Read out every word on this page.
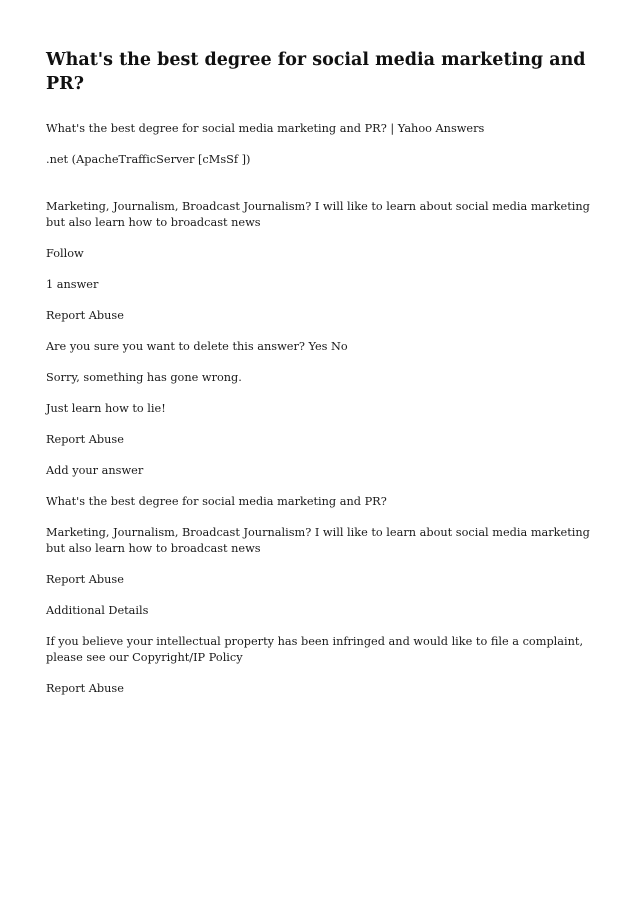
What's the best degree for social media marketing and PR?

What's the best degree for social media marketing and PR? | Yahoo Answers

.net (ApacheTrafficServer [cMsSf ])

Marketing, Journalism, Broadcast Journalism? I will like to learn about social media marketing but also learn how to broadcast news

Follow

1 answer

Report Abuse

Are you sure you want to delete this answer? Yes No

Sorry, something has gone wrong.

Just learn how to lie!

Report Abuse

Add your answer

What's the best degree for social media marketing and PR?

Marketing, Journalism, Broadcast Journalism? I will like to learn about social media marketing but also learn how to broadcast news

Report Abuse

Additional Details

If you believe your intellectual property has been infringed and would like to file a complaint, please see our Copyright/IP Policy

Report Abuse
